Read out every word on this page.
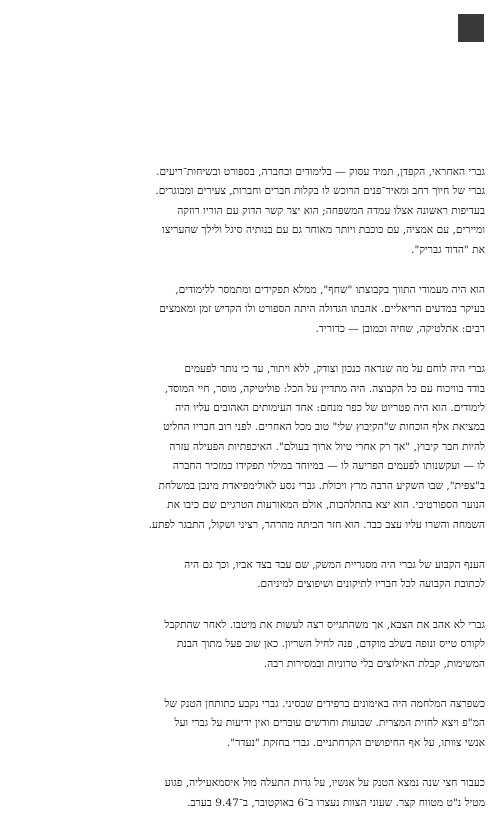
גברי האחראי, הקפדן, תמיד עסוק — בלימודים ובחברה, בספורט ובשיחות־ריעים.
גברי של חיוך רחב ומאיר־פנים הרוכש לו בקלות חברים וחברות, צעירים ומבוגרים.
בעדיפות ראשונה אצלו עמדה המשפחה; הוא יצר קשר הדוק עם הוריו רוזקה
ומיירים, עם אמציה, עם כוכבת ויותר מאוחר גם עם בנותיה סיגל ולילך שהעריצו
את "הדוד גבריק".
הוא היה מעמודי התווך בקבוצתו "שחף", ממלא תפקידים ומתמסר ללימודים,
בעיקר במדעים הריאליים. אהבתו הגדולה היתה הספורט ולו הקדיש זמן ומאמצים
רבים: אתלטיקה, שחיה וכמובן — כדוריד.
גברי היה לוחם על מה שנראה כנכון וצודק, ללא ויתור, עד כי נותר לפעמים
בודד בוויכוח עם כל הקבוצה. היה מתדיין על הכל: פוליטיקה, מוסר, חיי המוסד,
לימודים. הוא היה פטריוט של כפר מנחם: אחד העימותים האהובים עליו היה
במציאת אלף הוכחות ש"הקיבוץ שלי" טוב מכל האחרים. לפני רוב חבריו החליט
להיות חבר קיבוץ, "אך רק אחרי טיול ארוך בעולם". האיכפתיות הפעילה עזרה
לו — ועקשנותו לפעמים הפריעה לו — במיוחד במילוי תפקידו כמזכיר החברה
ב"צפית", שבו השקיע הרבה מרץ ויכולת. גברי נסע לאולימפיאדת מינכן במשלחת
הנוער הספורטיבי. הוא יצא בהתלהבות, אולם המאורעות הטרגיים שם כיבו את
השמחה והשרו עליו עצב כבד. הוא חזר הביתה מהרהר, רציני ושקול, התבגר לפתע.
הענף הקבוע של גברי היה מסגריית המשק, שם עבד בצד אביו, וכך גם היה
לכתובת הקבועה לכל חבריו לתיקונים ושיפוצים למיניהם.
גברי לא אהב את הצבא, אך משהתגייס רצה לעשות את מיטבו. לאחר שהתקבל
לקורס טייס ונופה בשלב מוקדם, פנה לחיל השריון. כאן שוב פעל מתוך הבנת
המשימות, קבלת האילוצים בלי טרוניות ובמסירות רבה.
כשפרצה המלחמה היה באימונים ברפידים שבסיני. גברי נקבע כתותחן הטנק של
המ"פ ויצא לחזית המצרית. שבועות וחודשים עוברים ואין ידיעות על גברי ועל
אנשי צוותו, על אף החיפושים הקדחתניים. גברי בחזקת "נעדר".
כעבור חצי שנה נמצא הטנק על אנשיו, על גדות התעלה מול איסמאעיליה, פגוע
מטיל נ"ט מטווח קצר. שעוני הצוות נעצרו ב־6 באוקטובר, ב־9.47 בערב.
